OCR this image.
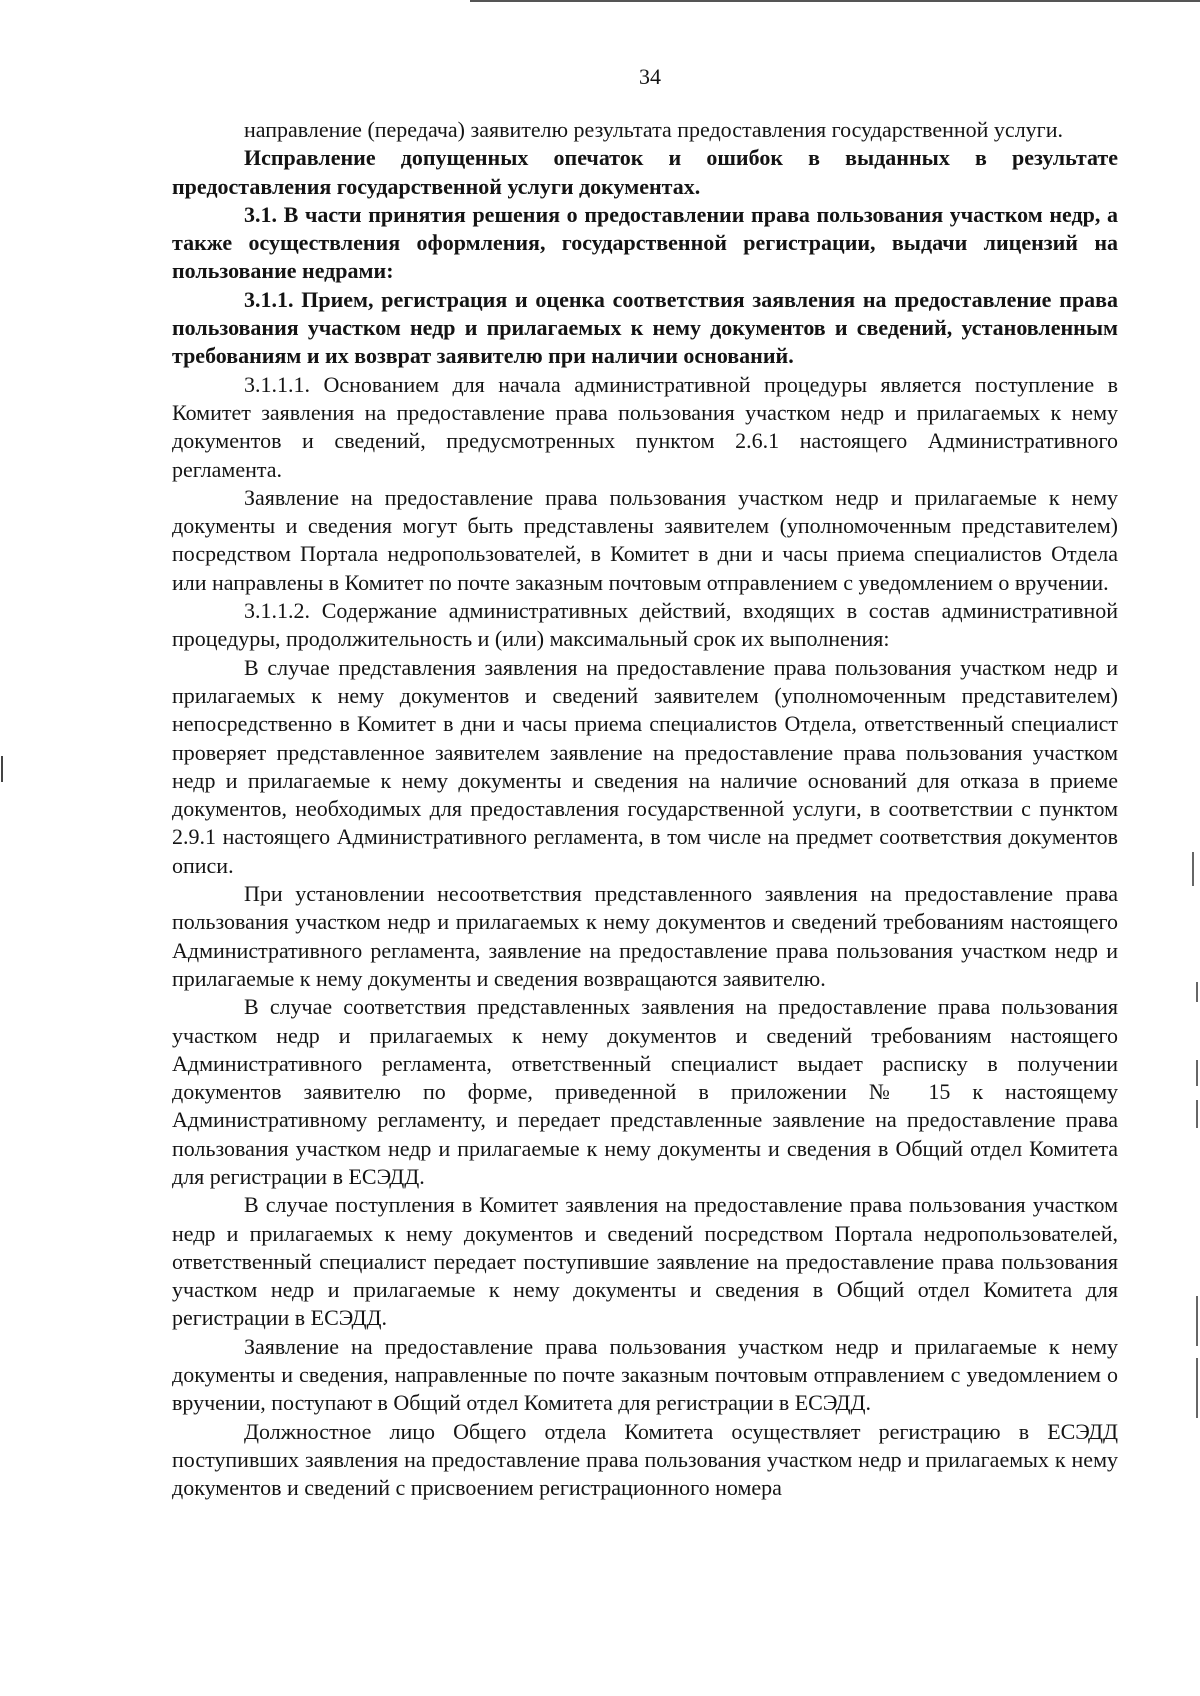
34

направление (передача) заявителю результата предоставления государственной услуги.

Исправление допущенных опечаток и ошибок в выданных в результате предоставления государственной услуги документах.

3.1. В части принятия решения о предоставлении права пользования участком недр, а также осуществления оформления, государственной регистрации, выдачи лицензий на пользование недрами:

3.1.1. Прием, регистрация и оценка соответствия заявления на предоставление права пользования участком недр и прилагаемых к нему документов и сведений, установленным требованиям и их возврат заявителю при наличии оснований.

3.1.1.1. Основанием для начала административной процедуры является поступление в Комитет заявления на предоставление права пользования участком недр и прилагаемых к нему документов и сведений, предусмотренных пунктом 2.6.1 настоящего Административного регламента.

Заявление на предоставление права пользования участком недр и прилагаемые к нему документы и сведения могут быть представлены заявителем (уполномоченным представителем) посредством Портала недропользователей, в Комитет в дни и часы приема специалистов Отдела или направлены в Комитет по почте заказным почтовым отправлением с уведомлением о вручении.

3.1.1.2. Содержание административных действий, входящих в состав административной процедуры, продолжительность и (или) максимальный срок их выполнения:

В случае представления заявления на предоставление права пользования участком недр и прилагаемых к нему документов и сведений заявителем (уполномоченным представителем) непосредственно в Комитет в дни и часы приема специалистов Отдела, ответственный специалист проверяет представленное заявителем заявление на предоставление права пользования участком недр и прилагаемые к нему документы и сведения на наличие оснований для отказа в приеме документов, необходимых для предоставления государственной услуги, в соответствии с пунктом 2.9.1 настоящего Административного регламента, в том числе на предмет соответствия документов описи.

При установлении несоответствия представленного заявления на предоставление права пользования участком недр и прилагаемых к нему документов и сведений требованиям настоящего Административного регламента, заявление на предоставление права пользования участком недр и прилагаемые к нему документы и сведения возвращаются заявителю.

В случае соответствия представленных заявления на предоставление права пользования участком недр и прилагаемых к нему документов и сведений требованиям настоящего Административного регламента, ответственный специалист выдает расписку в получении документов заявителю по форме, приведенной в приложении № 15 к настоящему Административному регламенту, и передает представленные заявление на предоставление права пользования участком недр и прилагаемые к нему документы и сведения в Общий отдел Комитета для регистрации в ЕСЭДД.

В случае поступления в Комитет заявления на предоставление права пользования участком недр и прилагаемых к нему документов и сведений посредством Портала недропользователей, ответственный специалист передает поступившие заявление на предоставление права пользования участком недр и прилагаемые к нему документы и сведения в Общий отдел Комитета для регистрации в ЕСЭДД.

Заявление на предоставление права пользования участком недр и прилагаемые к нему документы и сведения, направленные по почте заказным почтовым отправлением с уведомлением о вручении, поступают в Общий отдел Комитета для регистрации в ЕСЭДД.

Должностное лицо Общего отдела Комитета осуществляет регистрацию в ЕСЭДД поступивших заявления на предоставление права пользования участком недр и прилагаемых к нему документов и сведений с присвоением регистрационного номера
